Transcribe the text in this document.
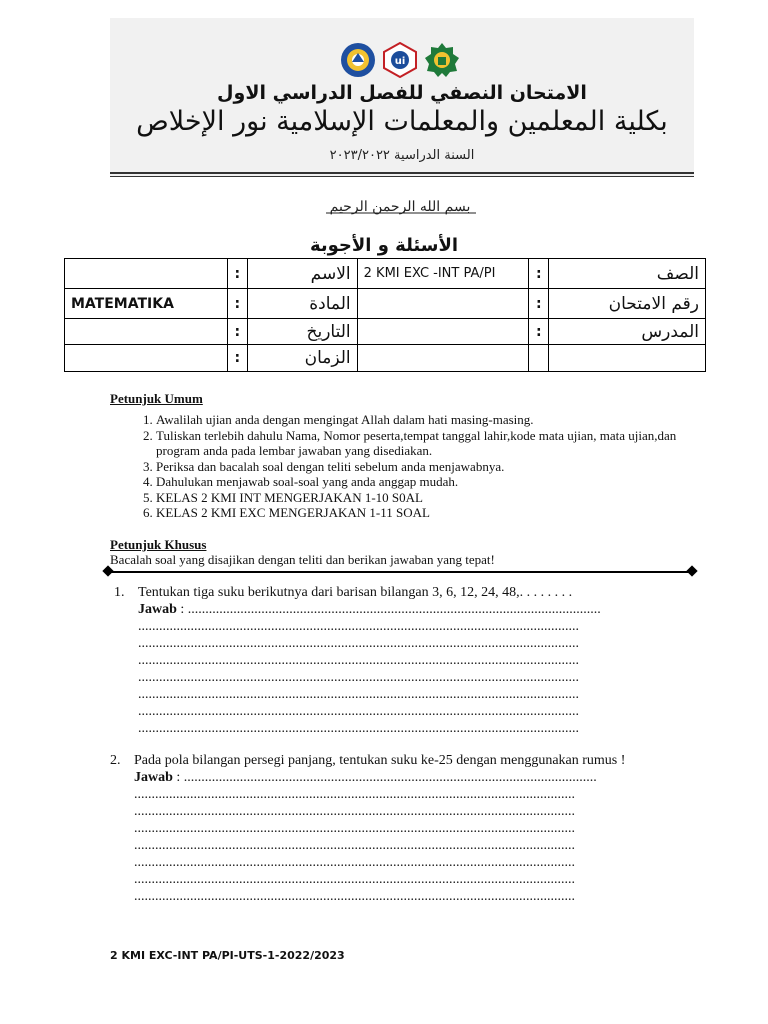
ui
الامتحان النصفي للفصل الدراسي الاول
بكلية المعلمين والمعلمات الإسلامية نور الإخلاص
السنة الدراسية ٢٠٢٣/٢٠٢٢
بسم الله الرحمن الرحيم
الأسئلة و الأجوبة
	:	الاسم	2 KMI EXC -INT PA/PI	:	الصف
MATEMATIKA	:	المادة		:	رقم الامتحان
	:	التاريخ		:	المدرس
	:	الزمان			
Petunjuk Umum
1. Awalilah ujian anda dengan mengingat Allah dalam hati masing-masing.
2. Tuliskan terlebih dahulu Nama, Nomor peserta,tempat tanggal lahir,kode mata ujian, mata ujian,dan program anda pada lembar jawaban yang disediakan.
3. Periksa dan bacalah soal dengan teliti sebelum anda menjawabnya.
4. Dahulukan menjawab soal-soal yang anda anggap mudah.
5. KELAS 2 KMI INT MENGERJAKAN 1-10 S0AL
6. KELAS 2 KMI EXC MENGERJAKAN 1-11 SOAL
Petunjuk Khusus
Bacalah soal yang disajikan dengan teliti dan berikan jawaban yang tepat!
1. Tentukan tiga suku berikutnya dari barisan bilangan 3, 6, 12, 24, 48,. . . . . . . .
Jawab : ......................................................................................................................
..............................................................................................................................
..............................................................................................................................
..............................................................................................................................
..............................................................................................................................
..............................................................................................................................
..............................................................................................................................
..............................................................................................................................
2. Pada pola bilangan persegi panjang, tentukan suku ke-25 dengan menggunakan rumus !
Jawab : ......................................................................................................................
..............................................................................................................................
..............................................................................................................................
..............................................................................................................................
..............................................................................................................................
..............................................................................................................................
..............................................................................................................................
..............................................................................................................................
2 KMI EXC-INT PA/PI-UTS-1-2022/2023
